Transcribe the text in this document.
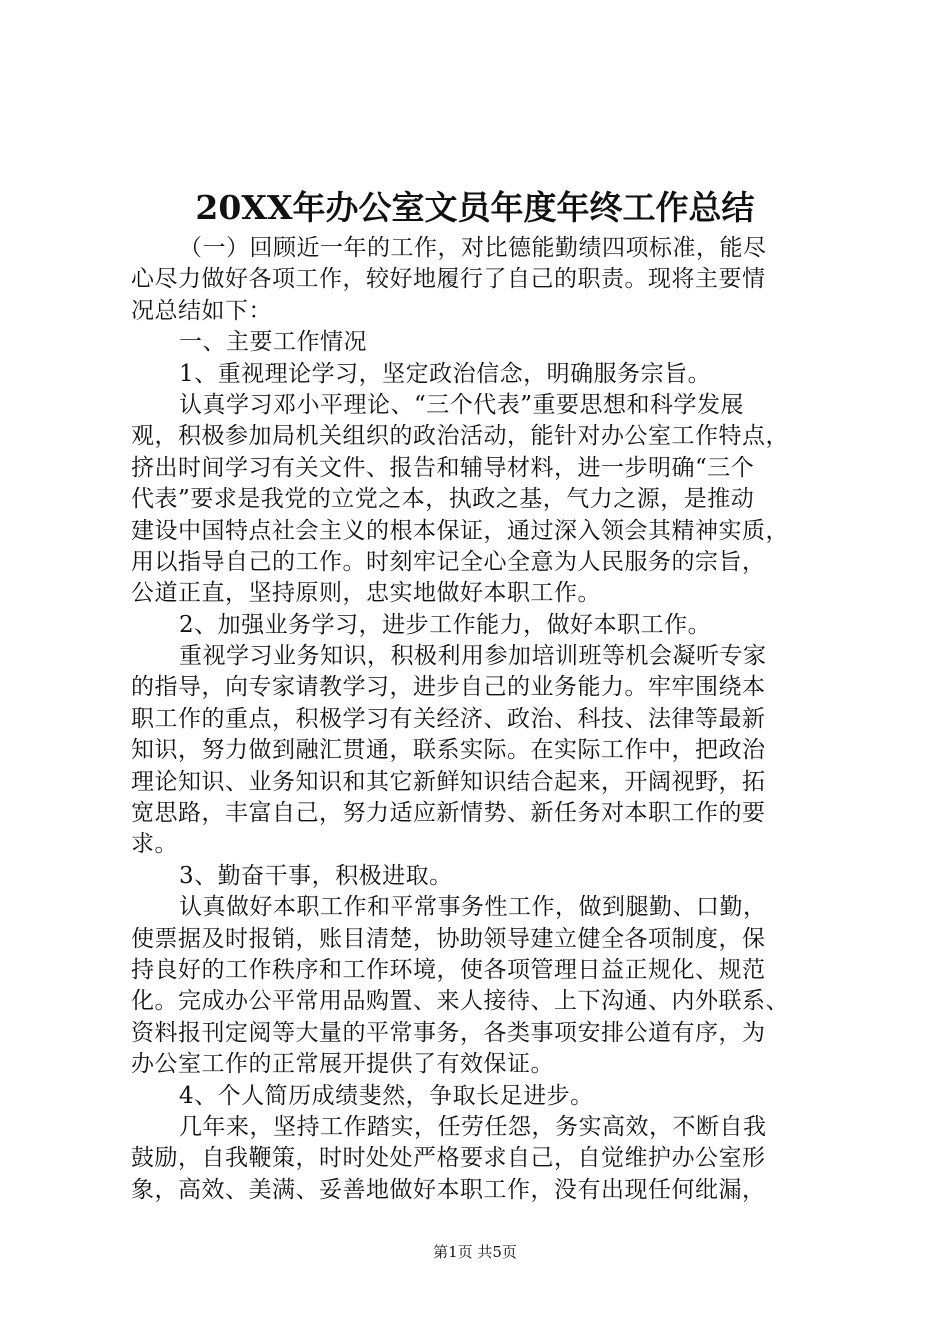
20XX年办公室文员年度年终工作总结
（一）回顾近一年的工作，对比德能勤绩四项标准，能尽
心尽力做好各项工作，较好地履行了自己的职责。现将主要情
况总结如下：
一、主要工作情况
1、重视理论学习，坚定政治信念，明确服务宗旨。
认真学习邓小平理论、“三个代表”重要思想和科学发展
观，积极参加局机关组织的政治活动，能针对办公室工作特点，
挤出时间学习有关文件、报告和辅导材料，进一步明确“三个
代表”要求是我党的立党之本，执政之基，气力之源，是推动
建设中国特点社会主义的根本保证，通过深入领会其精神实质，
用以指导自己的工作。时刻牢记全心全意为人民服务的宗旨，
公道正直，坚持原则，忠实地做好本职工作。
2、加强业务学习，进步工作能力，做好本职工作。
重视学习业务知识，积极利用参加培训班等机会凝听专家
的指导，向专家请教学习，进步自己的业务能力。牢牢围绕本
职工作的重点，积极学习有关经济、政治、科技、法律等最新
知识，努力做到融汇贯通，联系实际。在实际工作中，把政治
理论知识、业务知识和其它新鲜知识结合起来，开阔视野，拓
宽思路，丰富自己，努力适应新情势、新任务对本职工作的要
求。
3、勤奋干事，积极进取。
认真做好本职工作和平常事务性工作，做到腿勤、口勤，
使票据及时报销，账目清楚，协助领导建立健全各项制度，保
持良好的工作秩序和工作环境，使各项管理日益正规化、规范
化。完成办公平常用品购置、来人接待、上下沟通、内外联系、
资料报刊定阅等大量的平常事务，各类事项安排公道有序，为
办公室工作的正常展开提供了有效保证。
4、个人简历成绩斐然，争取长足进步。
几年来，坚持工作踏实，任劳任怨，务实高效，不断自我
鼓励，自我鞭策，时时处处严格要求自己，自觉维护办公室形
象，高效、美满、妥善地做好本职工作，没有出现任何纰漏，
第1页 共5页
